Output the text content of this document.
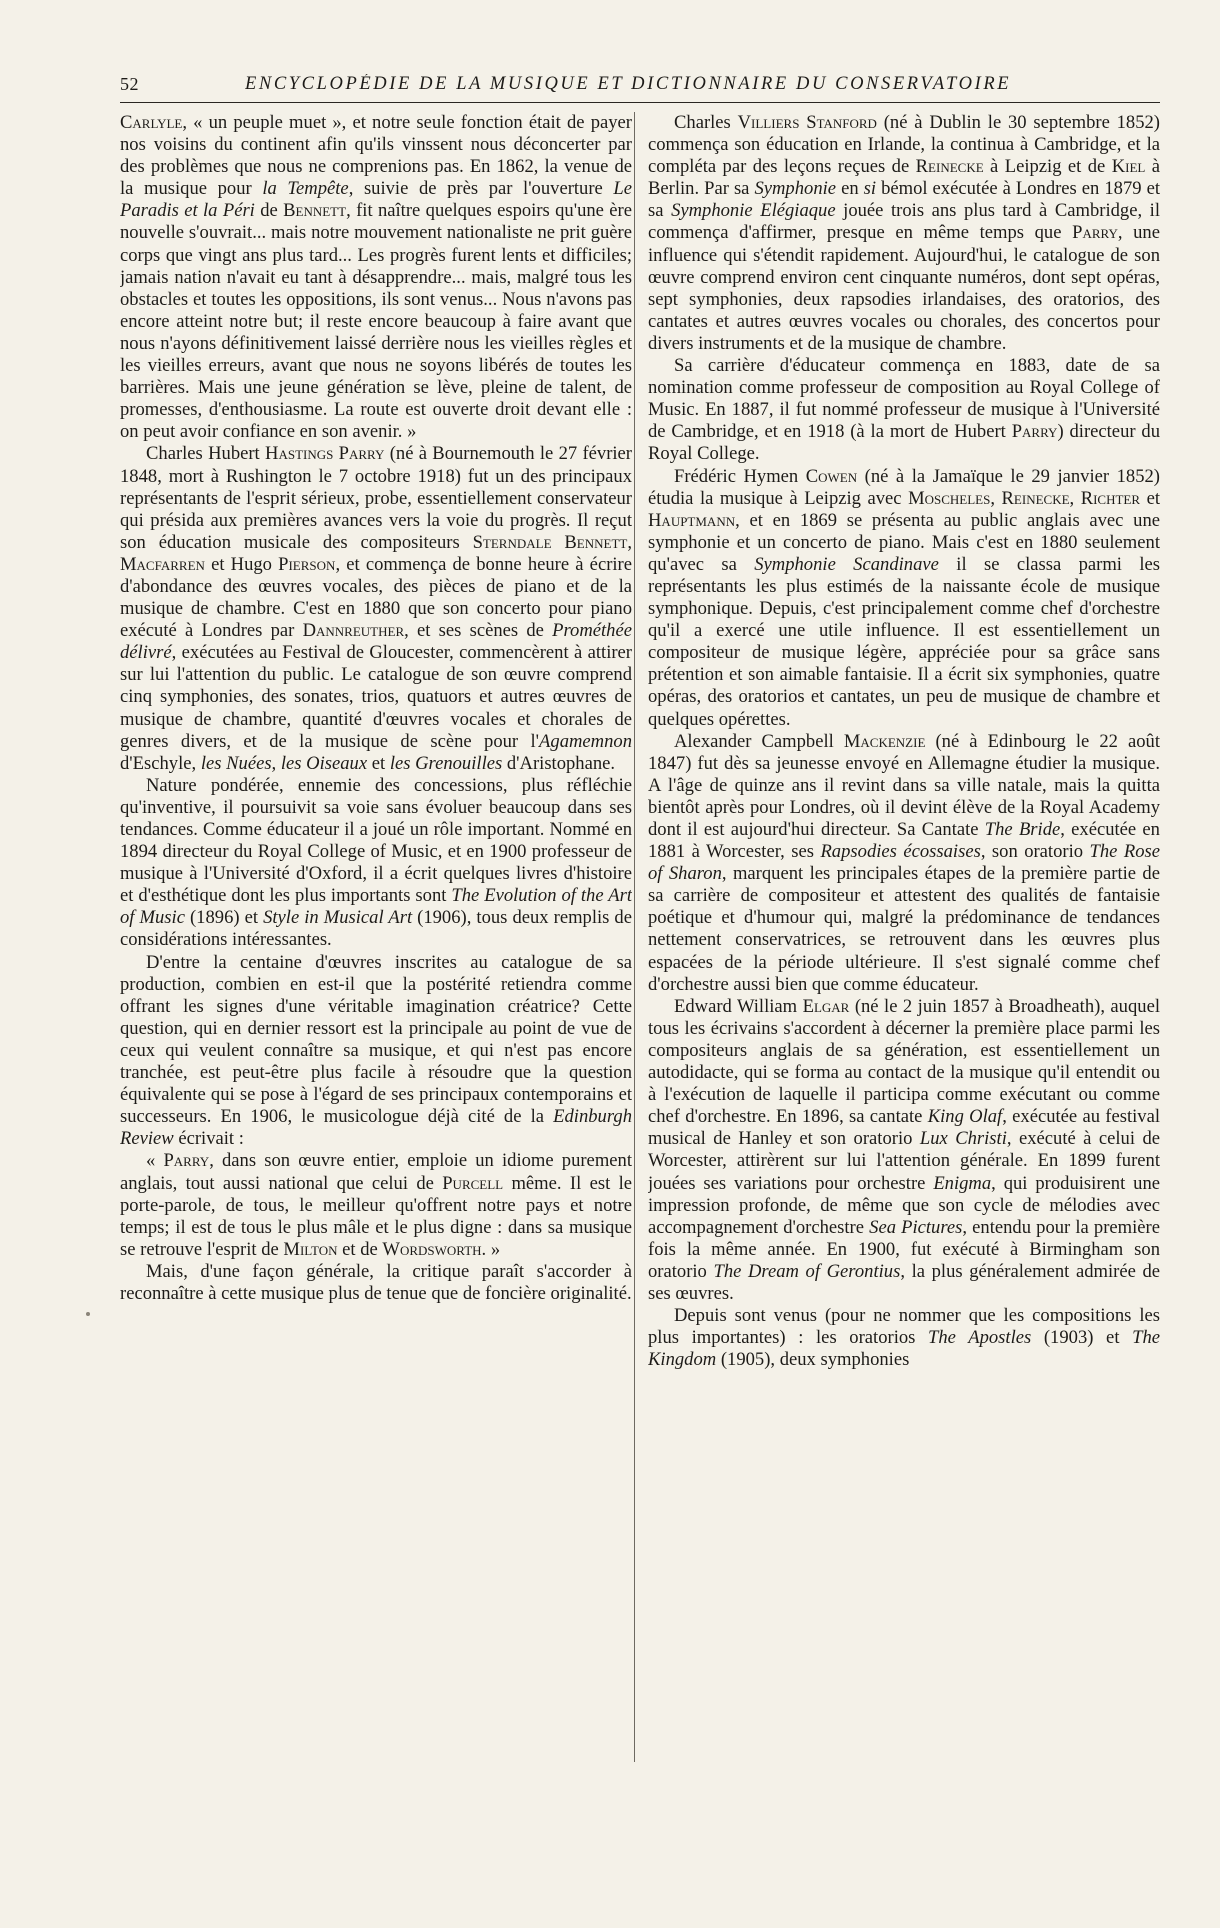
52	ENCYCLOPÉDIE DE LA MUSIQUE ET DICTIONNAIRE DU CONSERVATOIRE

Carlyle, « un peuple muet », et notre seule fonction était de payer nos voisins du continent afin qu'ils vinssent nous déconcerter par des problèmes que nous ne comprenions pas. En 1862, la venue de la musique pour la Tempête, suivie de près par l'ouverture Le Paradis et la Péri de Bennett, fit naître quelques espoirs qu'une ère nouvelle s'ouvrait... mais notre mouvement nationaliste ne prit guère corps que vingt ans plus tard... Les progrès furent lents et difficiles; jamais nation n'avait eu tant à désapprendre... mais, malgré tous les obstacles et toutes les oppositions, ils sont venus... Nous n'avons pas encore atteint notre but; il reste encore beaucoup à faire avant que nous n'ayons définitivement laissé derrière nous les vieilles règles et les vieilles erreurs, avant que nous ne soyons libérés de toutes les barrières. Mais une jeune génération se lève, pleine de talent, de promesses, d'enthousiasme. La route est ouverte droit devant elle : on peut avoir confiance en son avenir. »

Charles Hubert Hastings Parry (né à Bournemouth le 27 février 1848, mort à Rushington le 7 octobre 1918) fut un des principaux représentants de l'esprit sérieux, probe, essentiellement conservateur qui présida aux premières avances vers la voie du progrès. Il reçut son éducation musicale des compositeurs Sterndale Bennett, Macfarren et Hugo Pierson, et commença de bonne heure à écrire d'abondance des œuvres vocales, des pièces de piano et de la musique de chambre. C'est en 1880 que son concerto pour piano exécuté à Londres par Dannreuther, et ses scènes de Prométhée délivré, exécutées au Festival de Gloucester, commencèrent à attirer sur lui l'attention du public. Le catalogue de son œuvre comprend cinq symphonies, des sonates, trios, quatuors et autres œuvres de musique de chambre, quantité d'œuvres vocales et chorales de genres divers, et de la musique de scène pour l'Agamemnon d'Eschyle, les Nuées, les Oiseaux et les Grenouilles d'Aristophane.

Nature pondérée, ennemie des concessions, plus réfléchie qu'inventive, il poursuivit sa voie sans évoluer beaucoup dans ses tendances. Comme éducateur il a joué un rôle important. Nommé en 1894 directeur du Royal College of Music, et en 1900 professeur de musique à l'Université d'Oxford, il a écrit quelques livres d'histoire et d'esthétique dont les plus importants sont The Evolution of the Art of Music (1896) et Style in Musical Art (1906), tous deux remplis de considérations intéressantes.

D'entre la centaine d'œuvres inscrites au catalogue de sa production, combien en est-il que la postérité retiendra comme offrant les signes d'une véritable imagination créatrice? Cette question, qui en dernier ressort est la principale au point de vue de ceux qui veulent connaître sa musique, et qui n'est pas encore tranchée, est peut-être plus facile à résoudre que la question équivalente qui se pose à l'égard de ses principaux contemporains et successeurs. En 1906, le musicologue déjà cité de la Edinburgh Review écrivait :

« Parry, dans son œuvre entier, emploie un idiome purement anglais, tout aussi national que celui de Purcell même. Il est le porte-parole, de tous, le meilleur qu'offrent notre pays et notre temps; il est de tous le plus mâle et le plus digne : dans sa musique se retrouve l'esprit de Milton et de Wordsworth. »

Mais, d'une façon générale, la critique paraît s'accorder à reconnaître à cette musique plus de tenue que de foncière originalité.

Charles Villiers Stanford (né à Dublin le 30 septembre 1852) commença son éducation en Irlande, la continua à Cambridge, et la compléta par des leçons reçues de Reinecke à Leipzig et de Kiel à Berlin. Par sa Symphonie en si bémol exécutée à Londres en 1879 et sa Symphonie Elégiaque jouée trois ans plus tard à Cambridge, il commença d'affirmer, presque en même temps que Parry, une influence qui s'étendit rapidement. Aujourd'hui, le catalogue de son œuvre comprend environ cent cinquante numéros, dont sept opéras, sept symphonies, deux rapsodies irlandaises, des oratorios, des cantates et autres œuvres vocales ou chorales, des concertos pour divers instruments et de la musique de chambre.

Sa carrière d'éducateur commença en 1883, date de sa nomination comme professeur de composition au Royal College of Music. En 1887, il fut nommé professeur de musique à l'Université de Cambridge, et en 1918 (à la mort de Hubert Parry) directeur du Royal College.

Frédéric Hymen Cowen (né à la Jamaïque le 29 janvier 1852) étudia la musique à Leipzig avec Moscheles, Reinecke, Richter et Hauptmann, et en 1869 se présenta au public anglais avec une symphonie et un concerto de piano. Mais c'est en 1880 seulement qu'avec sa Symphonie Scandinave il se classa parmi les représentants les plus estimés de la naissante école de musique symphonique. Depuis, c'est principalement comme chef d'orchestre qu'il a exercé une utile influence. Il est essentiellement un compositeur de musique légère, appréciée pour sa grâce sans prétention et son aimable fantaisie. Il a écrit six symphonies, quatre opéras, des oratorios et cantates, un peu de musique de chambre et quelques opérettes.

Alexander Campbell Mackenzie (né à Edinbourg le 22 août 1847) fut dès sa jeunesse envoyé en Allemagne étudier la musique. A l'âge de quinze ans il revint dans sa ville natale, mais la quitta bientôt après pour Londres, où il devint élève de la Royal Academy dont il est aujourd'hui directeur. Sa Cantate The Bride, exécutée en 1881 à Worcester, ses Rapsodies écossaises, son oratorio The Rose of Sharon, marquent les principales étapes de la première partie de sa carrière de compositeur et attestent des qualités de fantaisie poétique et d'humour qui, malgré la prédominance de tendances nettement conservatrices, se retrouvent dans les œuvres plus espacées de la période ultérieure. Il s'est signalé comme chef d'orchestre aussi bien que comme éducateur.

Edward William Elgar (né le 2 juin 1857 à Broadheath), auquel tous les écrivains s'accordent à décerner la première place parmi les compositeurs anglais de sa génération, est essentiellement un autodidacte, qui se forma au contact de la musique qu'il entendit ou à l'exécution de laquelle il participa comme exécutant ou comme chef d'orchestre. En 1896, sa cantate King Olaf, exécutée au festival musical de Hanley et son oratorio Lux Christi, exécuté à celui de Worcester, attirèrent sur lui l'attention générale. En 1899 furent jouées ses variations pour orchestre Enigma, qui produisirent une impression profonde, de même que son cycle de mélodies avec accompagnement d'orchestre Sea Pictures, entendu pour la première fois la même année. En 1900, fut exécuté à Birmingham son oratorio The Dream of Gerontius, la plus généralement admirée de ses œuvres.

Depuis sont venus (pour ne nommer que les compositions les plus importantes) : les oratorios The Apostles (1903) et The Kingdom (1905), deux symphonies
